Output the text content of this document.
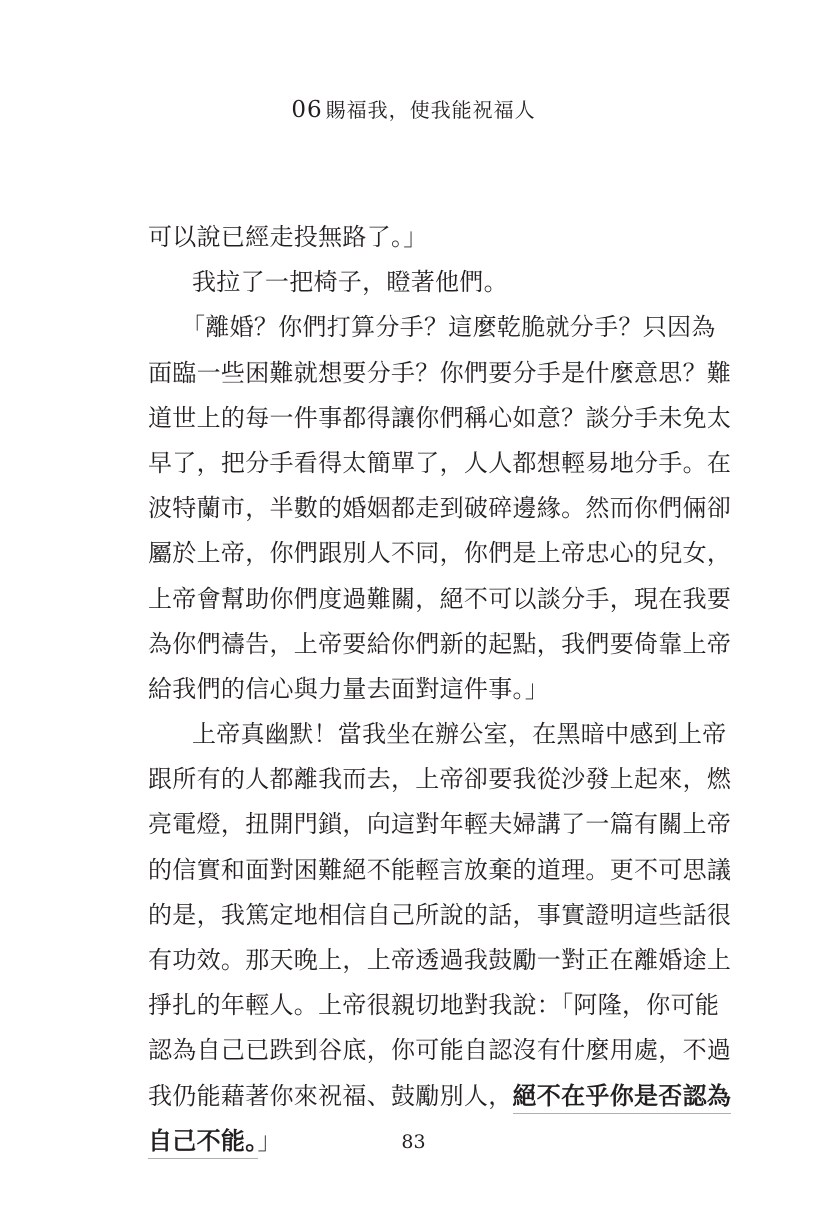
06 賜福我，使我能祝福人
可以說已經走投無路了。」
我拉了一把椅子，瞪著他們。
「離婚？你們打算分手？這麼乾脆就分手？只因為
面臨一些困難就想要分手？你們要分手是什麼意思？難
道世上的每一件事都得讓你們稱心如意？談分手未免太
早了，把分手看得太簡單了，人人都想輕易地分手。在
波特蘭市，半數的婚姻都走到破碎邊緣。然而你們倆卻
屬於上帝，你們跟別人不同，你們是上帝忠心的兒女，
上帝會幫助你們度過難關，絕不可以談分手，現在我要
為你們禱告，上帝要給你們新的起點，我們要倚靠上帝
給我們的信心與力量去面對這件事。」
上帝真幽默！當我坐在辦公室，在黑暗中感到上帝
跟所有的人都離我而去，上帝卻要我從沙發上起來，燃
亮電燈，扭開門鎖，向這對年輕夫婦講了一篇有關上帝
的信實和面對困難絕不能輕言放棄的道理。更不可思議
的是，我篤定地相信自己所說的話，事實證明這些話很
有功效。那天晚上，上帝透過我鼓勵一對正在離婚途上
掙扎的年輕人。上帝很親切地對我說：「阿隆，你可能
認為自己已跌到谷底，你可能自認沒有什麼用處，不過
我仍能藉著你來祝福、鼓勵別人，絕不在乎你是否認為
自己不能。」	83
